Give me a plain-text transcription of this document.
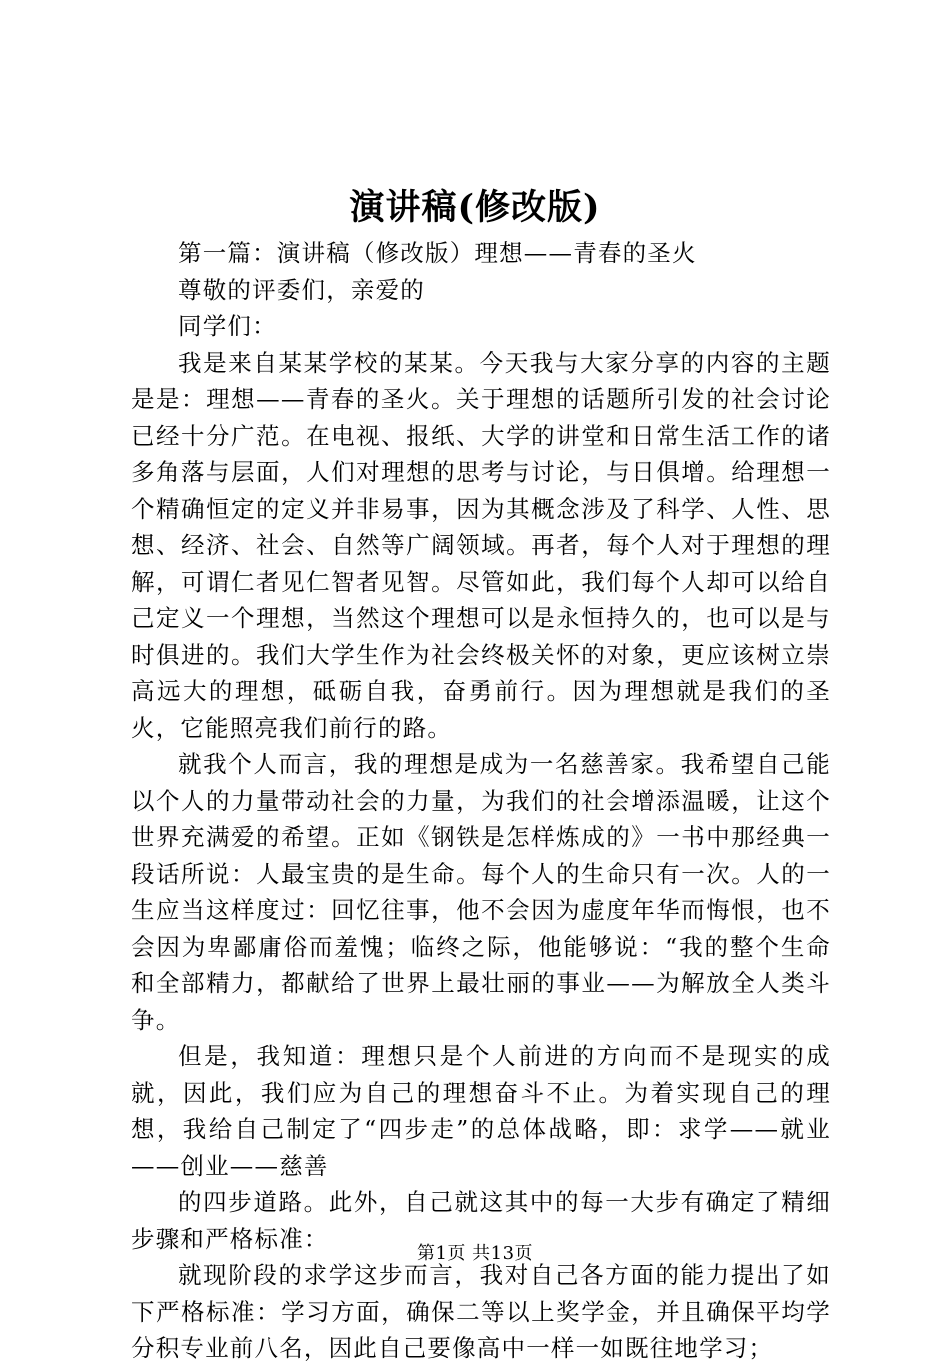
演讲稿(修改版)

第一篇：演讲稿（修改版）理想——青春的圣火

尊敬的评委们，亲爱的

同学们：

我是来自某某学校的某某。今天我与大家分享的内容的主题是是：理想——青春的圣火。关于理想的话题所引发的社会讨论已经十分广范。在电视、报纸、大学的讲堂和日常生活工作的诸多角落与层面，人们对理想的思考与讨论，与日俱增。给理想一个精确恒定的定义并非易事，因为其概念涉及了科学、人性、思想、经济、社会、自然等广阔领域。再者，每个人对于理想的理解，可谓仁者见仁智者见智。尽管如此，我们每个人却可以给自己定义一个理想，当然这个理想可以是永恒持久的，也可以是与时俱进的。我们大学生作为社会终极关怀的对象，更应该树立崇高远大的理想，砥砺自我，奋勇前行。因为理想就是我们的圣火，它能照亮我们前行的路。

就我个人而言，我的理想是成为一名慈善家。我希望自己能以个人的力量带动社会的力量，为我们的社会增添温暖，让这个世界充满爱的希望。正如《钢铁是怎样炼成的》一书中那经典一段话所说：人最宝贵的是生命。每个人的生命只有一次。人的一生应当这样度过：回忆往事，他不会因为虚度年华而悔恨，也不会因为卑鄙庸俗而羞愧；临终之际，他能够说：“我的整个生命和全部精力，都献给了世界上最壮丽的事业——为解放全人类斗争。

但是，我知道：理想只是个人前进的方向而不是现实的成就，因此，我们应为自己的理想奋斗不止。为着实现自己的理想，我给自己制定了“四步走”的总体战略，即：求学——就业——创业——慈善

的四步道路。此外，自己就这其中的每一大步有确定了精细步骤和严格标准：

就现阶段的求学这步而言，我对自己各方面的能力提出了如下严格标准：学习方面，确保二等以上奖学金，并且确保平均学分积专业前八名，因此自己要像高中一样一如既往地学习；

第1页 共13页
